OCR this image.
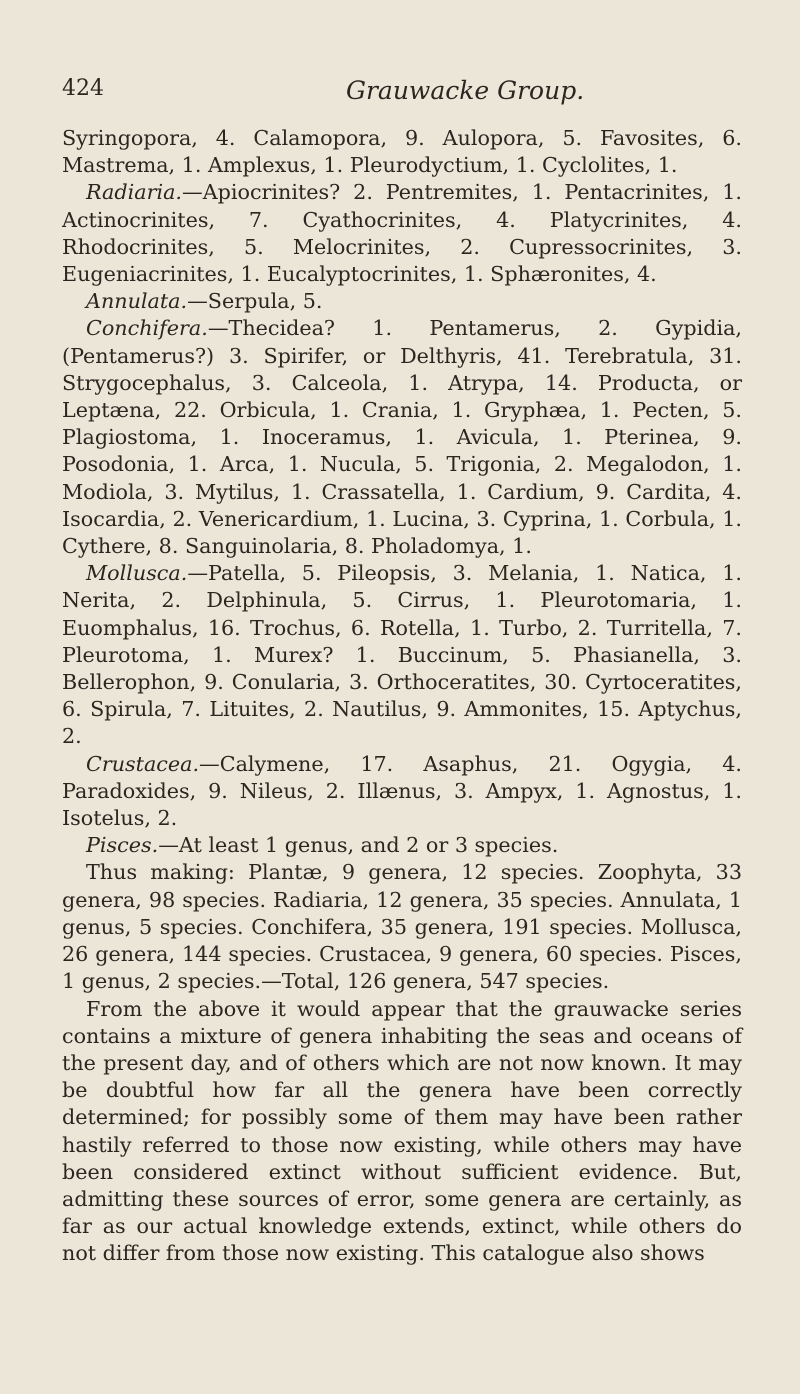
424	Grauwacke Group.

Syringopora, 4. Calamopora, 9. Aulopora, 5. Favosites, 6. Mastrema, 1. Amplexus, 1. Pleurodyctium, 1. Cyclolites, 1.

Radiaria.—Apiocrinites? 2. Pentremites, 1. Pentacrinites, 1. Actinocrinites, 7. Cyathocrinites, 4. Platycrinites, 4. Rhodocrinites, 5. Melocrinites, 2. Cupressocrinites, 3. Eugeniacrinites, 1. Eucalyptocrinites, 1. Sphæronites, 4.

Annulata.—Serpula, 5.

Conchifera.—Thecidea? 1. Pentamerus, 2. Gypidia, (Pentamerus?) 3. Spirifer, or Delthyris, 41. Terebratula, 31. Strygocephalus, 3. Calceola, 1. Atrypa, 14. Producta, or Leptæna, 22. Orbicula, 1. Crania, 1. Gryphæa, 1. Pecten, 5. Plagiostoma, 1. Inoceramus, 1. Avicula, 1. Pterinea, 9. Posodonia, 1. Arca, 1. Nucula, 5. Trigonia, 2. Megalodon, 1. Modiola, 3. Mytilus, 1. Crassatella, 1. Cardium, 9. Cardita, 4. Isocardia, 2. Venericardium, 1. Lucina, 3. Cyprina, 1. Corbula, 1. Cythere, 8. Sanguinolaria, 8. Pholadomya, 1.

Mollusca.—Patella, 5. Pileopsis, 3. Melania, 1. Natica, 1. Nerita, 2. Delphinula, 5. Cirrus, 1. Pleurotomaria, 1. Euomphalus, 16. Trochus, 6. Rotella, 1. Turbo, 2. Turritella, 7. Pleurotoma, 1. Murex? 1. Buccinum, 5. Phasianella, 3. Bellerophon, 9. Conularia, 3. Orthoceratites, 30. Cyrtoceratites, 6. Spirula, 7. Lituites, 2. Nautilus, 9. Ammonites, 15. Aptychus, 2.

Crustacea.—Calymene, 17. Asaphus, 21. Ogygia, 4. Paradoxides, 9. Nileus, 2. Illænus, 3. Ampyx, 1. Agnostus, 1. Isotelus, 2.

Pisces.—At least 1 genus, and 2 or 3 species.

Thus making: Plantæ, 9 genera, 12 species. Zoophyta, 33 genera, 98 species. Radiaria, 12 genera, 35 species. Annulata, 1 genus, 5 species. Conchifera, 35 genera, 191 species. Mollusca, 26 genera, 144 species. Crustacea, 9 genera, 60 species. Pisces, 1 genus, 2 species.—Total, 126 genera, 547 species.

From the above it would appear that the grauwacke series contains a mixture of genera inhabiting the seas and oceans of the present day, and of others which are not now known. It may be doubtful how far all the genera have been correctly determined; for possibly some of them may have been rather hastily referred to those now existing, while others may have been considered extinct without sufficient evidence. But, admitting these sources of error, some genera are certainly, as far as our actual knowledge extends, extinct, while others do not differ from those now existing. This catalogue also shows
